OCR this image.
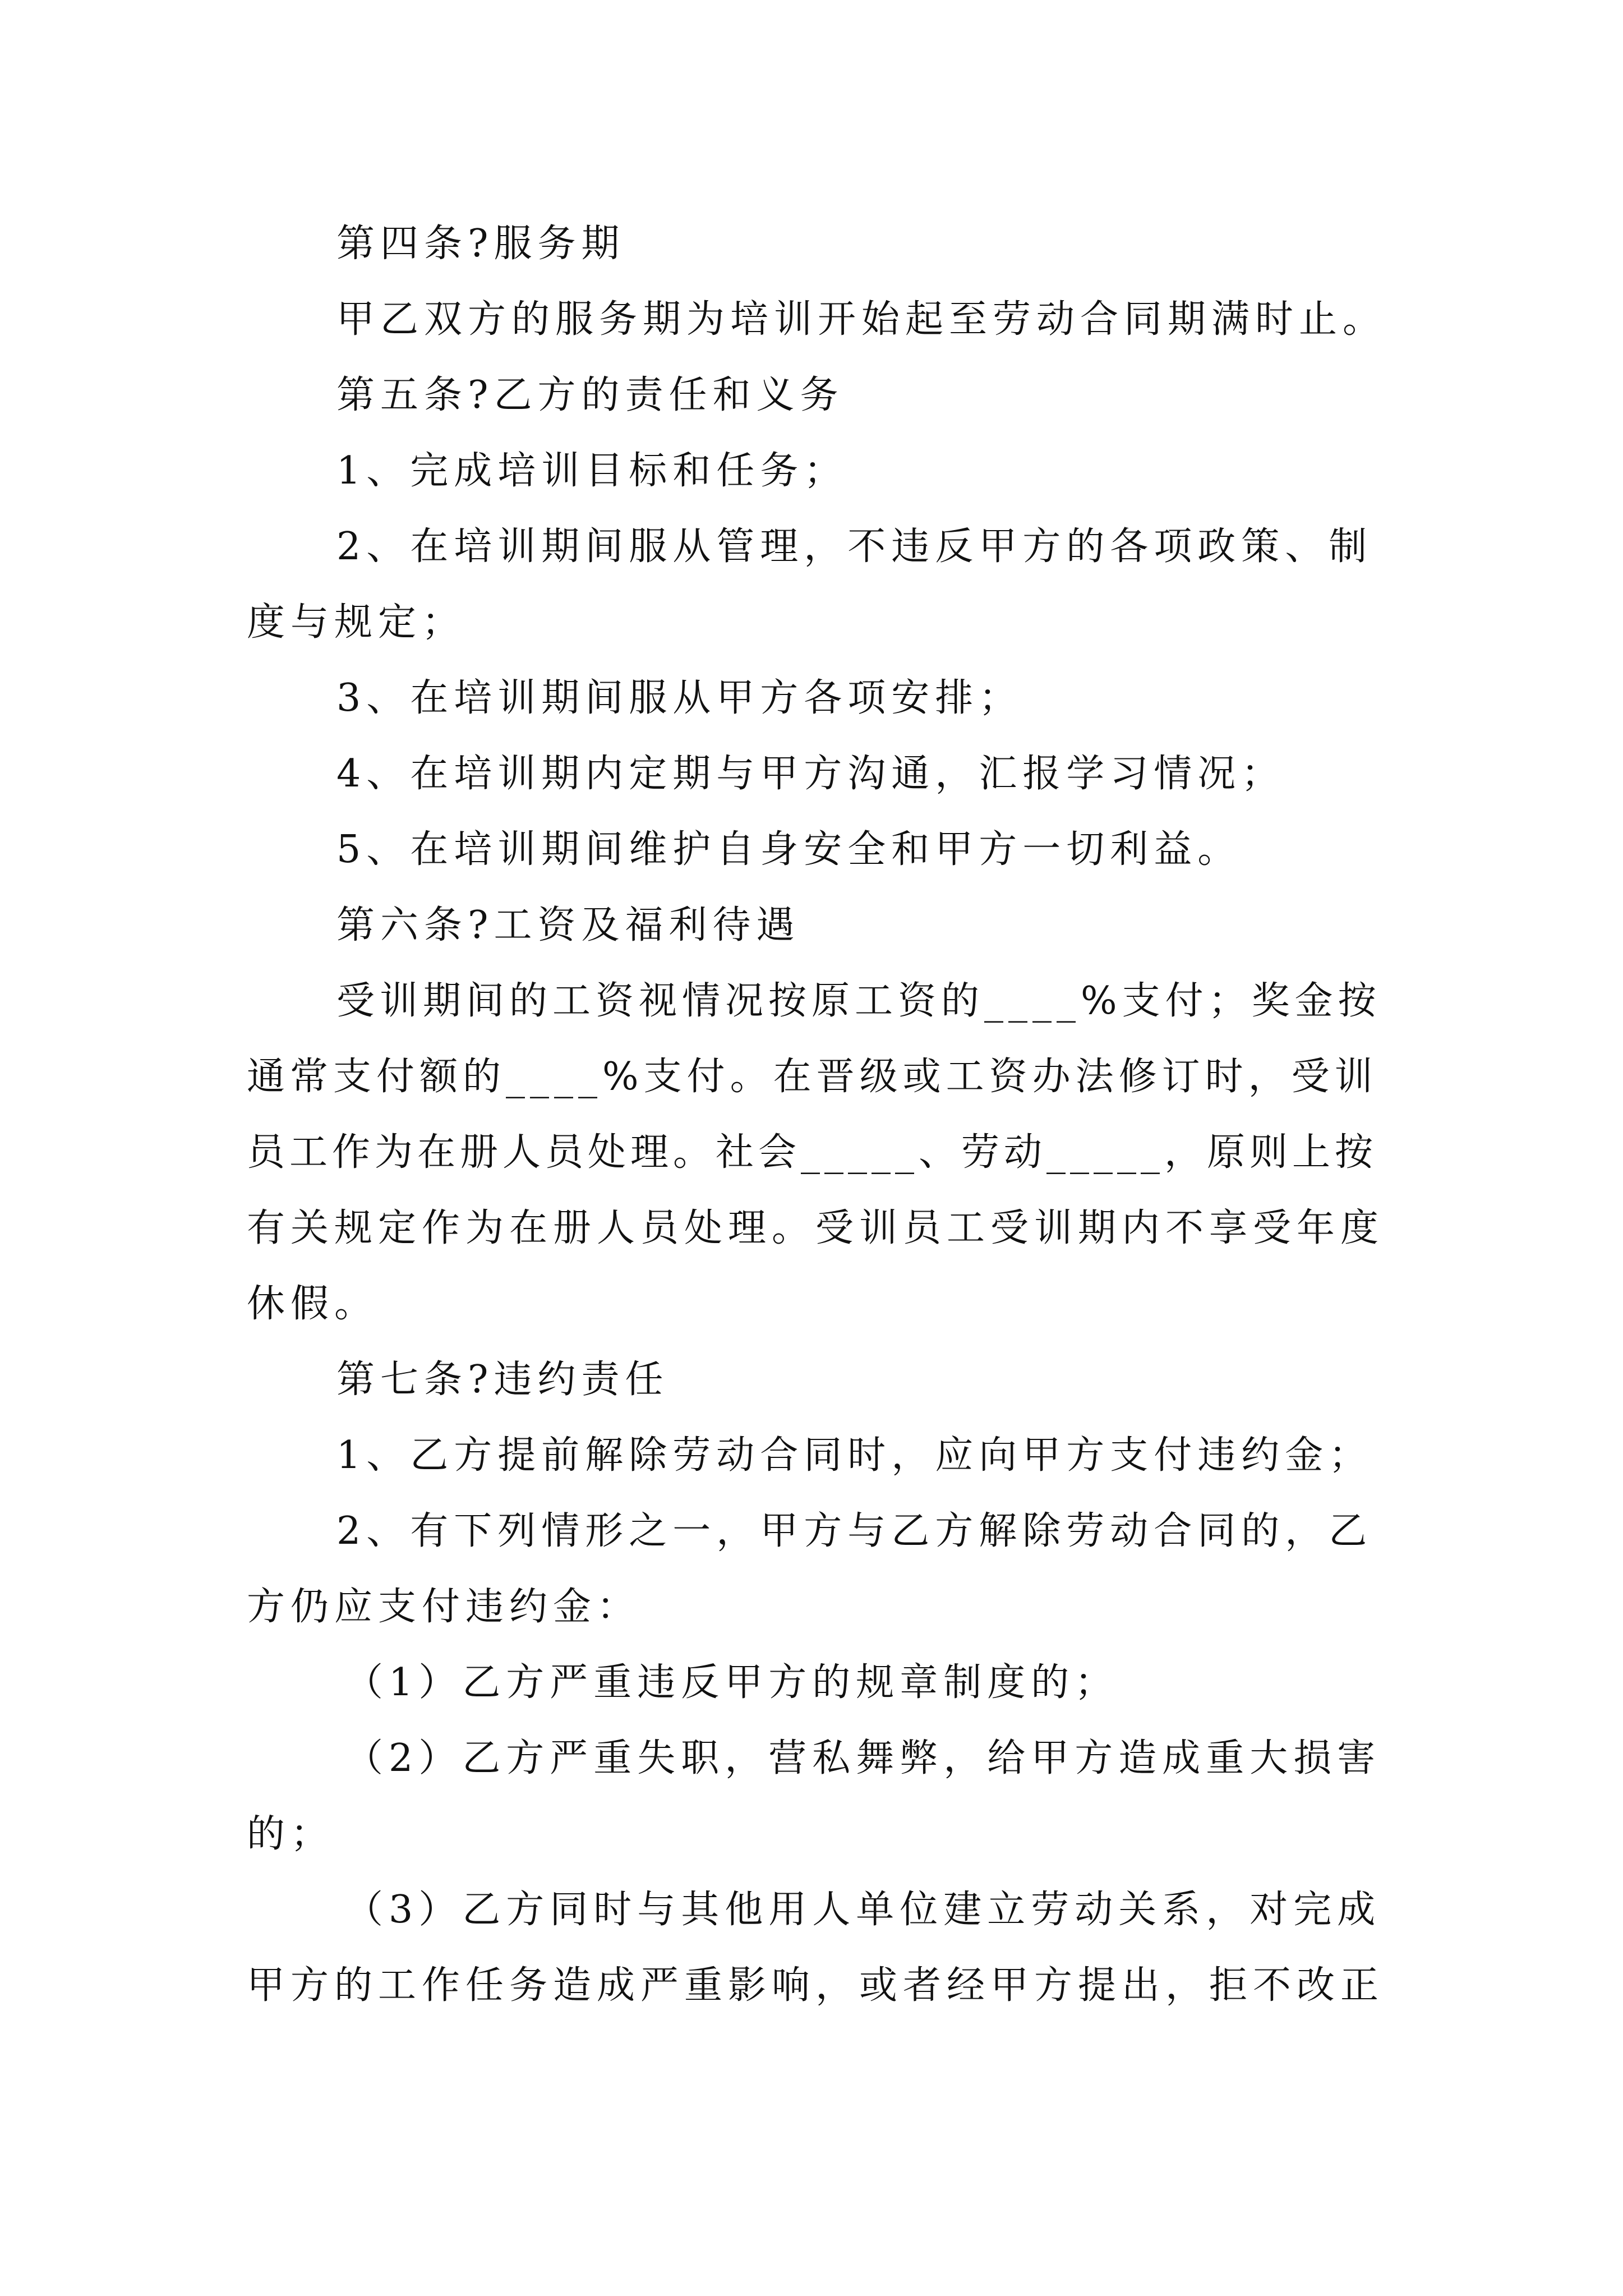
第四条?服务期
甲乙双方的服务期为培训开始起至劳动合同期满时止。
第五条?乙方的责任和义务
1、完成培训目标和任务；
2、在培训期间服从管理，不违反甲方的各项政策、制
度与规定；
3、在培训期间服从甲方各项安排；
4、在培训期内定期与甲方沟通，汇报学习情况；
5、在培训期间维护自身安全和甲方一切利益。
第六条?工资及福利待遇
受训期间的工资视情况按原工资的____%支付；奖金按
通常支付额的____%支付。在晋级或工资办法修订时，受训
员工作为在册人员处理。社会_____、劳动_____，原则上按
有关规定作为在册人员处理。受训员工受训期内不享受年度
休假。
第七条?违约责任
1、乙方提前解除劳动合同时，应向甲方支付违约金；
2、有下列情形之一，甲方与乙方解除劳动合同的，乙
方仍应支付违约金：
（1）乙方严重违反甲方的规章制度的；
（2）乙方严重失职，营私舞弊，给甲方造成重大损害
的；
（3）乙方同时与其他用人单位建立劳动关系，对完成
甲方的工作任务造成严重影响，或者经甲方提出，拒不改正
